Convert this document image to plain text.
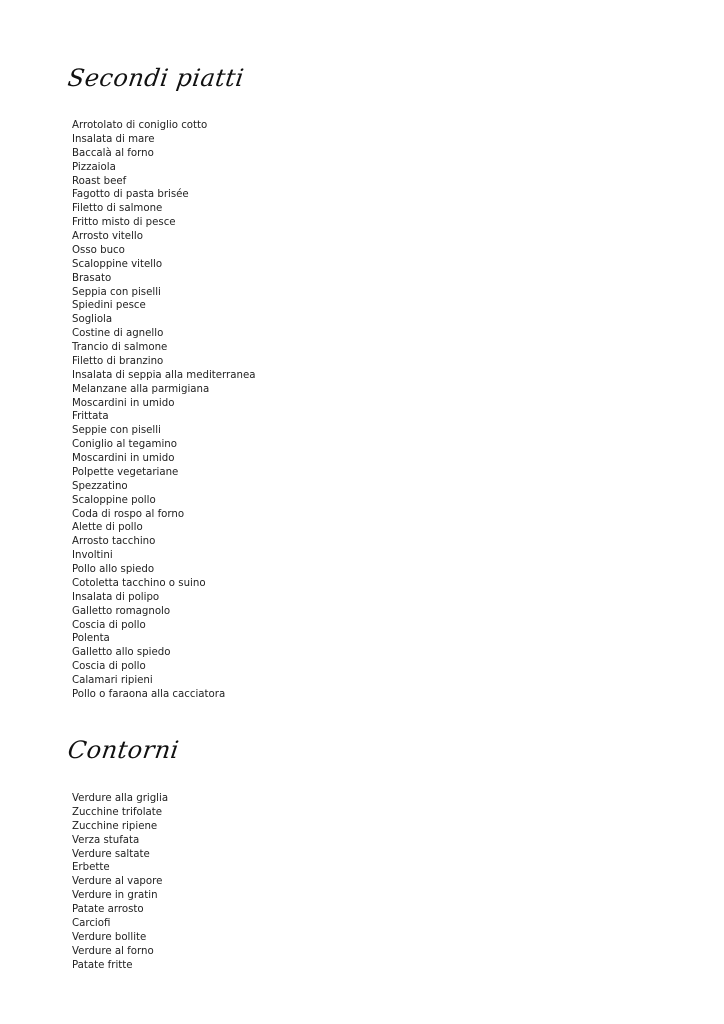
Secondi piatti
Arrotolato di coniglio cotto
Insalata di mare
Baccalà al forno
Pizzaiola
Roast beef
Fagotto di pasta brisée
Filetto di salmone
Fritto misto di pesce
Arrosto vitello
Osso buco
Scaloppine vitello
Brasato
Seppia con piselli
Spiedini pesce
Sogliola
Costine di agnello
Trancio di salmone
Filetto di branzino
Insalata di seppia alla mediterranea
Melanzane alla parmigiana
Moscardini in umido
Frittata
Seppie con piselli
Coniglio al tegamino
Moscardini in umido
Polpette vegetariane
Spezzatino
Scaloppine pollo
Coda di rospo al forno
Alette di pollo
Arrosto tacchino
Involtini
Pollo allo spiedo
Cotoletta tacchino o suino
Insalata di polipo
Galletto romagnolo
Coscia di pollo
Polenta
Galletto allo spiedo
Coscia di pollo
Calamari ripieni
Pollo o faraona alla cacciatora
Contorni
Verdure alla griglia
Zucchine trifolate
Zucchine ripiene
Verza stufata
Verdure saltate
Erbette
Verdure al vapore
Verdure in gratin
Patate arrosto
Carciofi
Verdure bollite
Verdure al forno
Patate fritte
